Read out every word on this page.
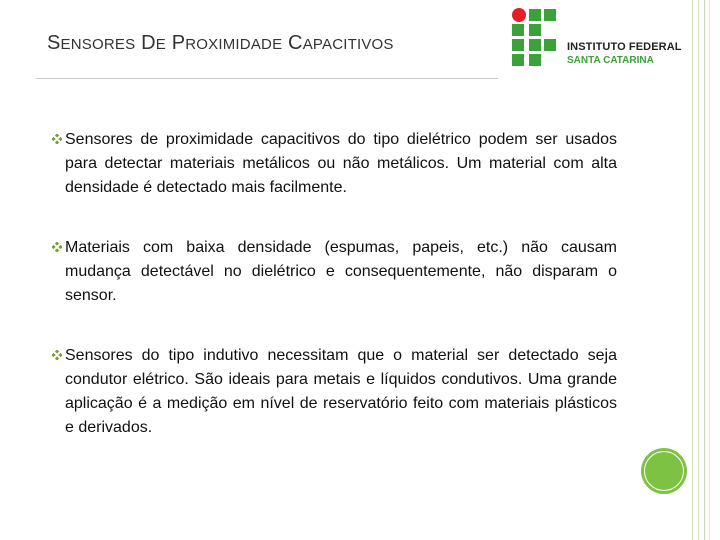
SENSORES DE PROXIMIDADE CAPACITIVOS	INSTITUTO FEDERAL
SANTA CATARINA
Sensores de proximidade capacitivos do tipo dielétrico podem ser usados para detectar materiais metálicos ou não metálicos. Um material com alta densidade é detectado mais facilmente.
Materiais com baixa densidade (espumas, papeis, etc.) não causam mudança detectável no dielétrico e consequentemente, não disparam o sensor.
Sensores do tipo indutivo necessitam que o material ser detectado seja condutor elétrico. São ideais para metais e líquidos condutivos. Uma grande aplicação é a medição em nível de reservatório feito com materiais plásticos e derivados.
